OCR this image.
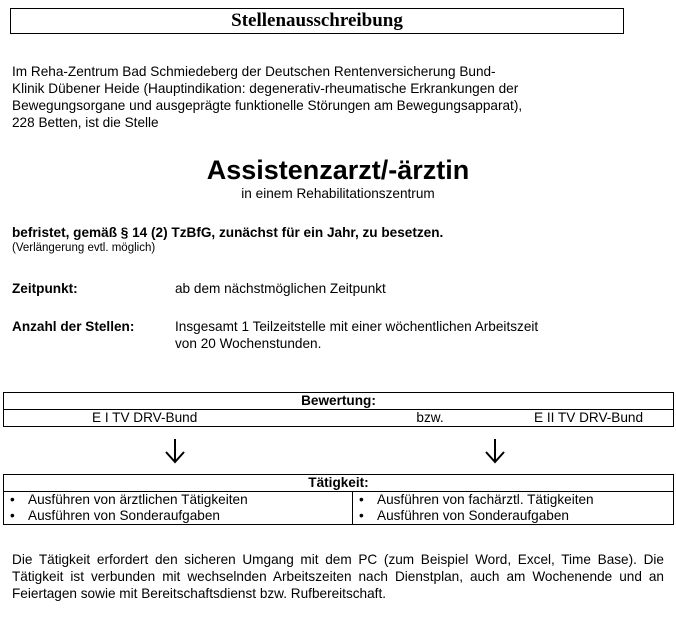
Stellenausschreibung
Im Reha-Zentrum Bad Schmiedeberg der Deutschen Rentenversicherung Bund-
Klinik Dübener Heide (Hauptindikation: degenerativ-rheumatische Erkrankungen der
Bewegungsorgane und ausgeprägte funktionelle Störungen am Bewegungsapparat),
228 Betten, ist die Stelle
Assistenzarzt/-ärztin
in einem Rehabilitationszentrum
befristet, gemäß § 14 (2) TzBfG, zunächst für ein Jahr, zu besetzen.
(Verlängerung evtl. möglich)
Zeitpunkt:	ab dem nächstmöglichen Zeitpunkt
Anzahl der Stellen:	Insgesamt 1 Teilzeitstelle mit einer wöchentlichen Arbeitszeit
von 20 Wochenstunden.
Bewertung:
E I TV DRV-Bund	bzw.	E II TV DRV-Bund
Tätigkeit:

• Ausführen von ärztlichen Tätigkeiten
• Ausführen von Sonderaufgaben

• Ausführen von fachärztl. Tätigkeiten
• Ausführen von Sonderaufgaben
Die Tätigkeit erfordert den sicheren Umgang mit dem PC (zum Beispiel Word, Excel, Time Base). Die Tätigkeit ist verbunden mit wechselnden Arbeitszeiten nach Dienstplan, auch am Wochenende und an Feiertagen sowie mit Bereitschaftsdienst bzw. Rufbereitschaft.
